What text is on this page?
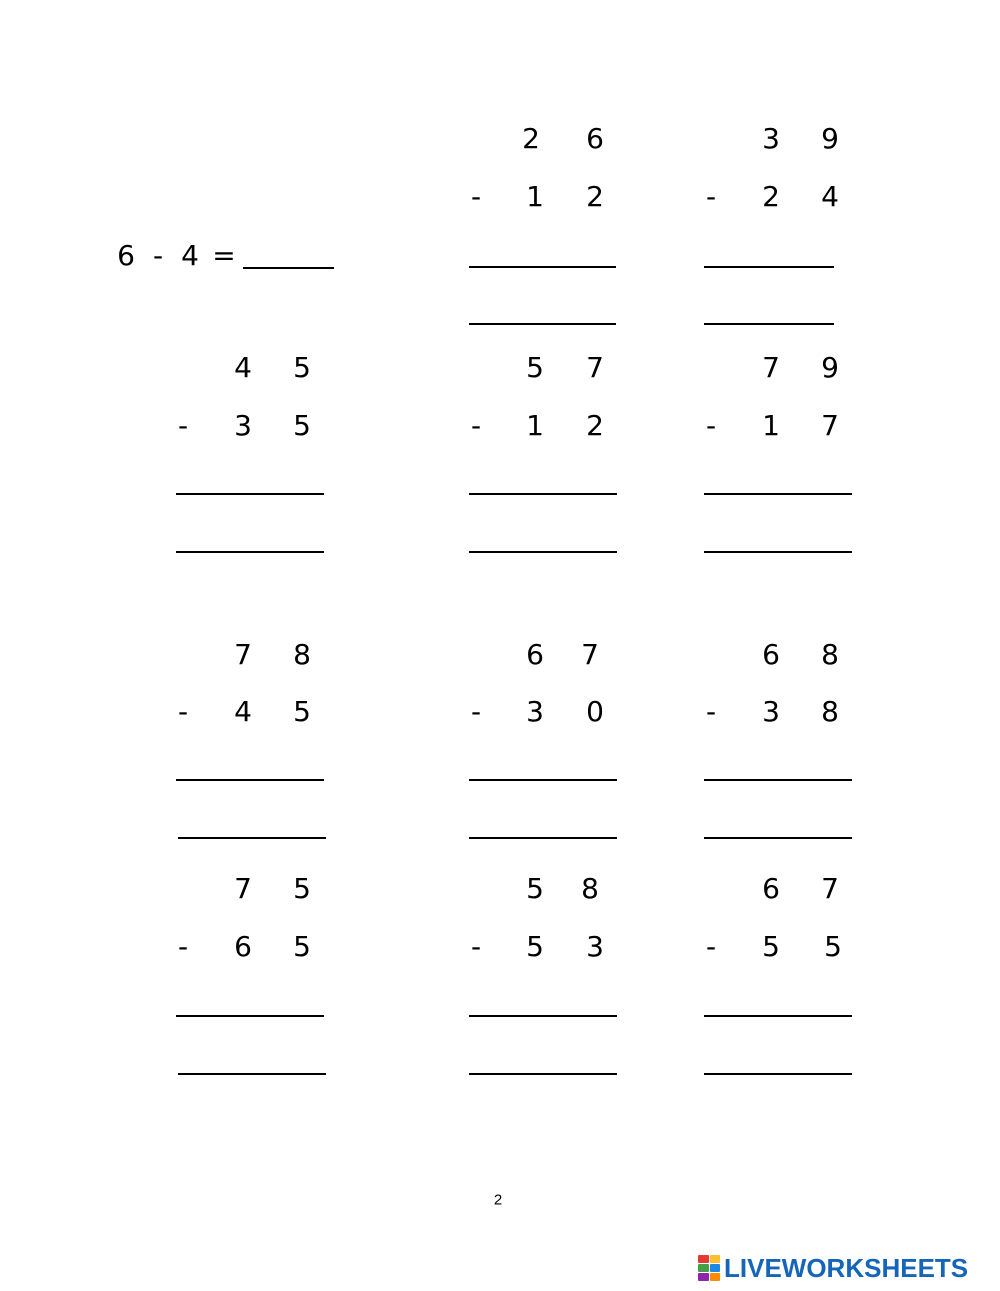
6 - 4 =
2 6
- 1 2
3 9
- 2 4
4 5
- 3 5
5 7
- 1 2
7 9
- 1 7
7 8
- 4 5
6 7
- 3 0
6 8
- 3 8
7 5
- 6 5
5 8
- 5 3
6 7
- 5 5
2
LIVEWORKSHEETS
